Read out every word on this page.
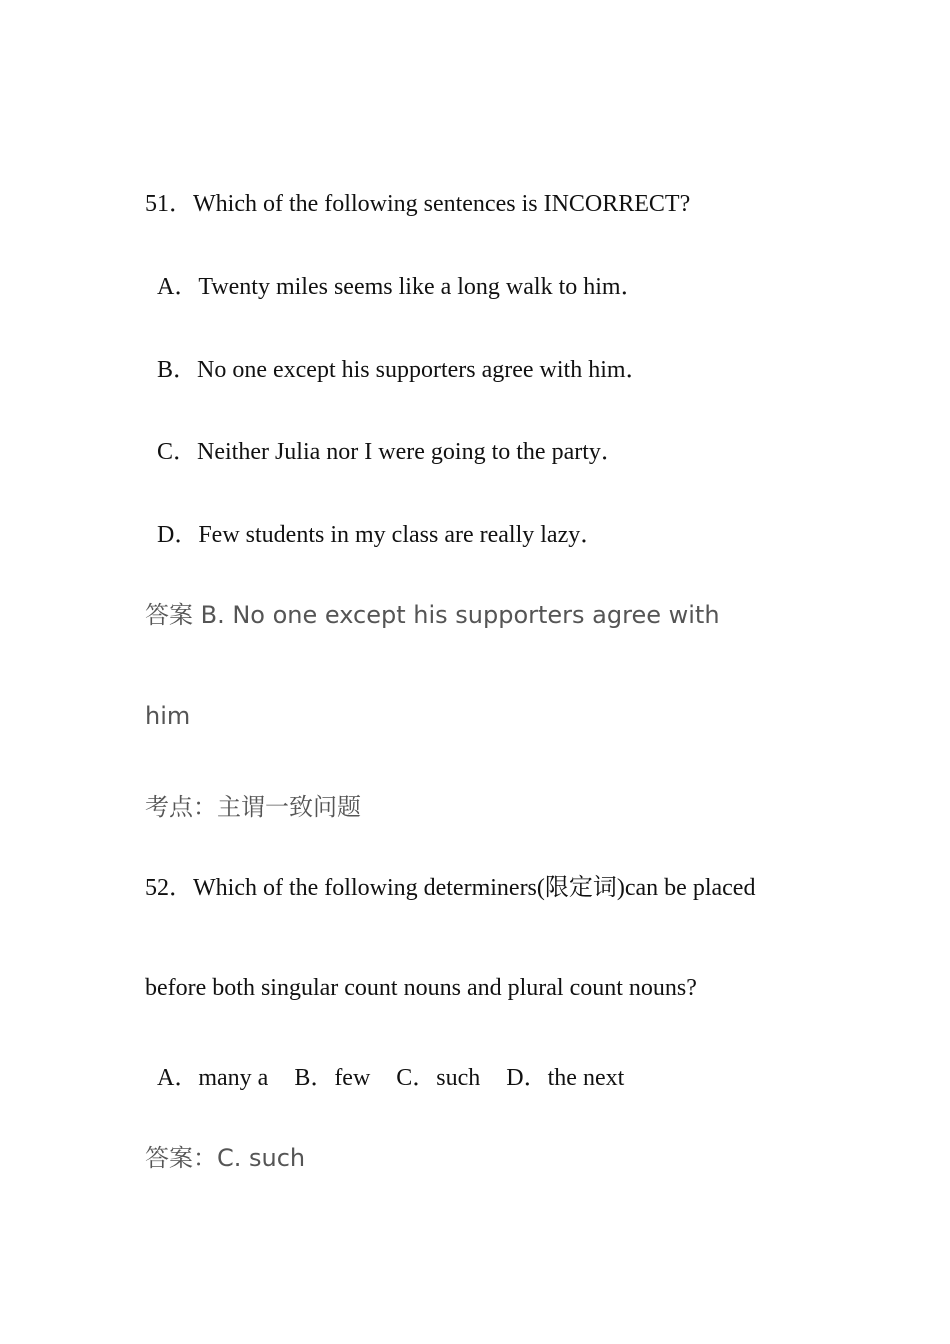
51．Which of the following sentences is INCORRECT?

A．Twenty miles seems like a long walk to him．

B．No one except his supporters agree with him．

C．Neither Julia nor I were going to the party．

D．Few students in my class are really lazy．

答案 B. No one except his supporters agree with

him

考点：主谓一致问题

52．Which of the following determiners(限定词)can be placed

before both singular count nouns and plural count nouns?

A．many a B．few C．such D．the next

答案：C. such
